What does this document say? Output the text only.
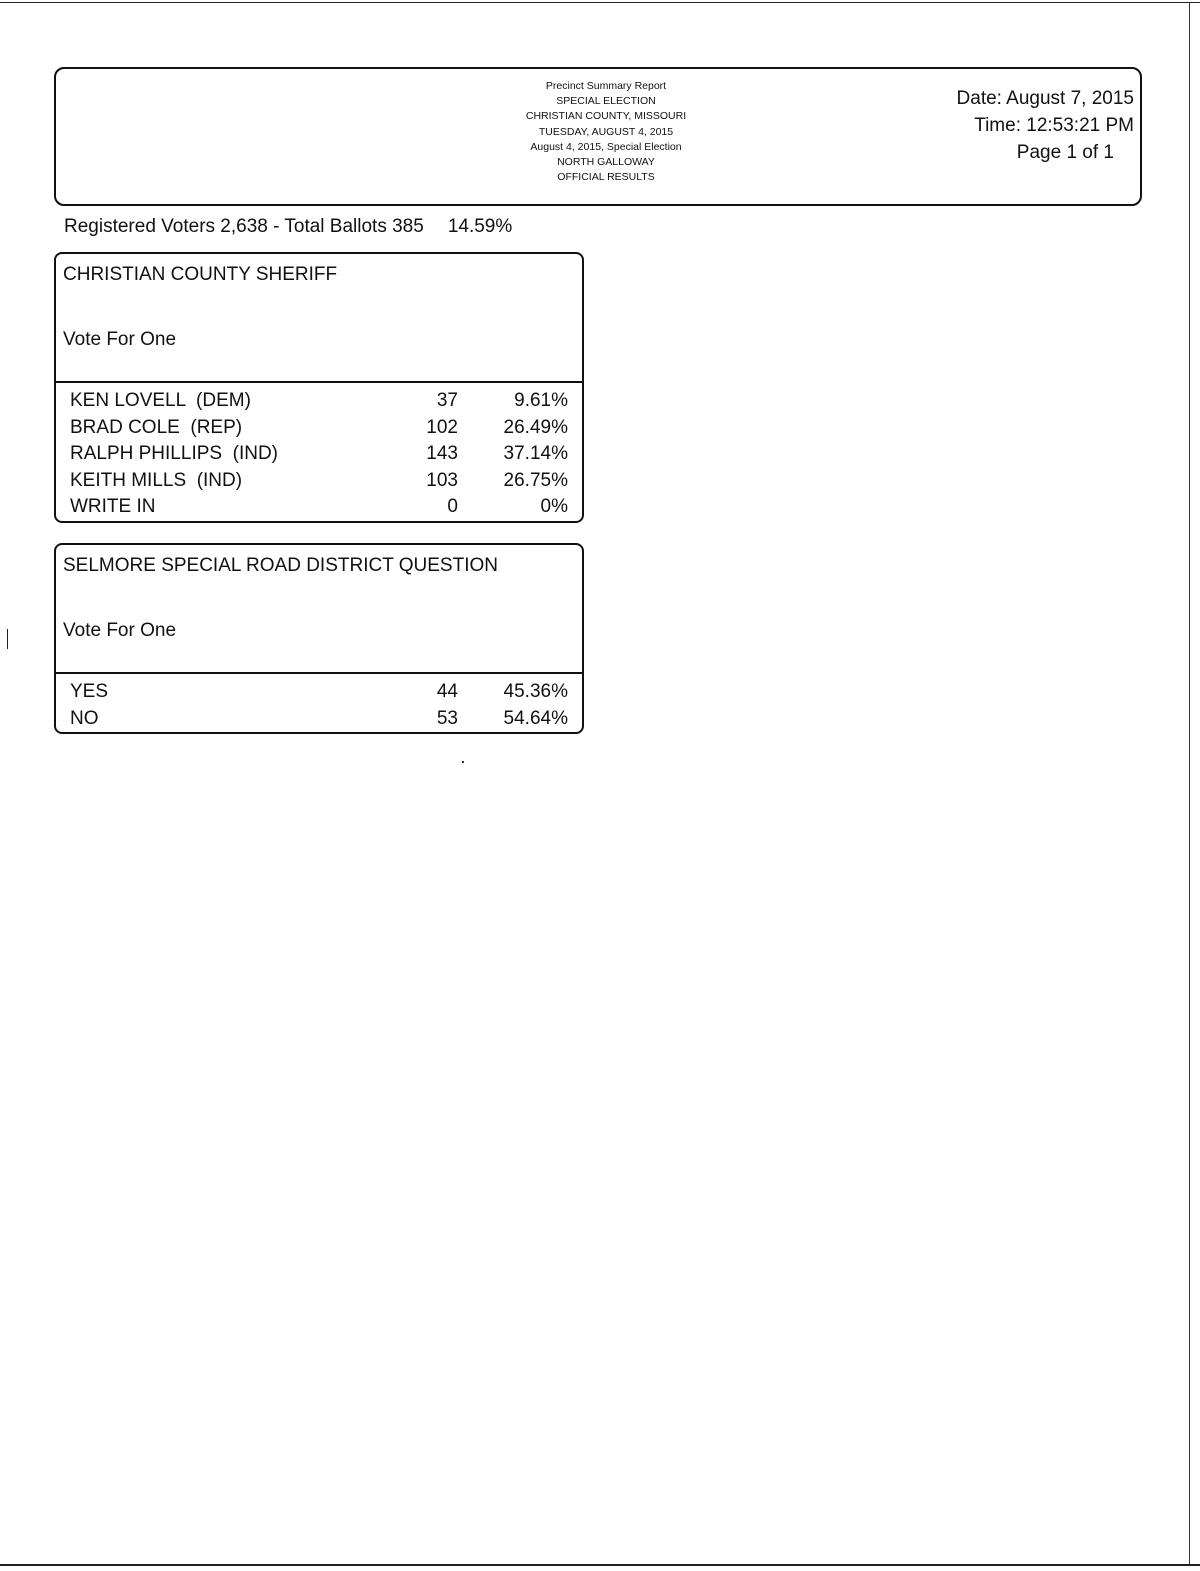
Precinct Summary Report
SPECIAL ELECTION
CHRISTIAN COUNTY, MISSOURI
TUESDAY, AUGUST 4, 2015
August 4, 2015, Special Election
NORTH GALLOWAY
OFFICIAL RESULTS
Date: August 7, 2015
Time: 12:53:21 PM
Page 1 of 1
Registered Voters 2,638 - Total Ballots 385 14.59%
CHRISTIAN COUNTY SHERIFF
Vote For One
KEN LOVELL  (DEM)	37	9.61%
BRAD COLE  (REP)	102 26.49%
RALPH PHILLIPS  (IND)	143 37.14%
KEITH MILLS  (IND)	103 26.75%
WRITE IN	0	0%
SELMORE SPECIAL ROAD DISTRICT QUESTION
Vote For One
YES	44 45.36%
NO	53 54.64%
